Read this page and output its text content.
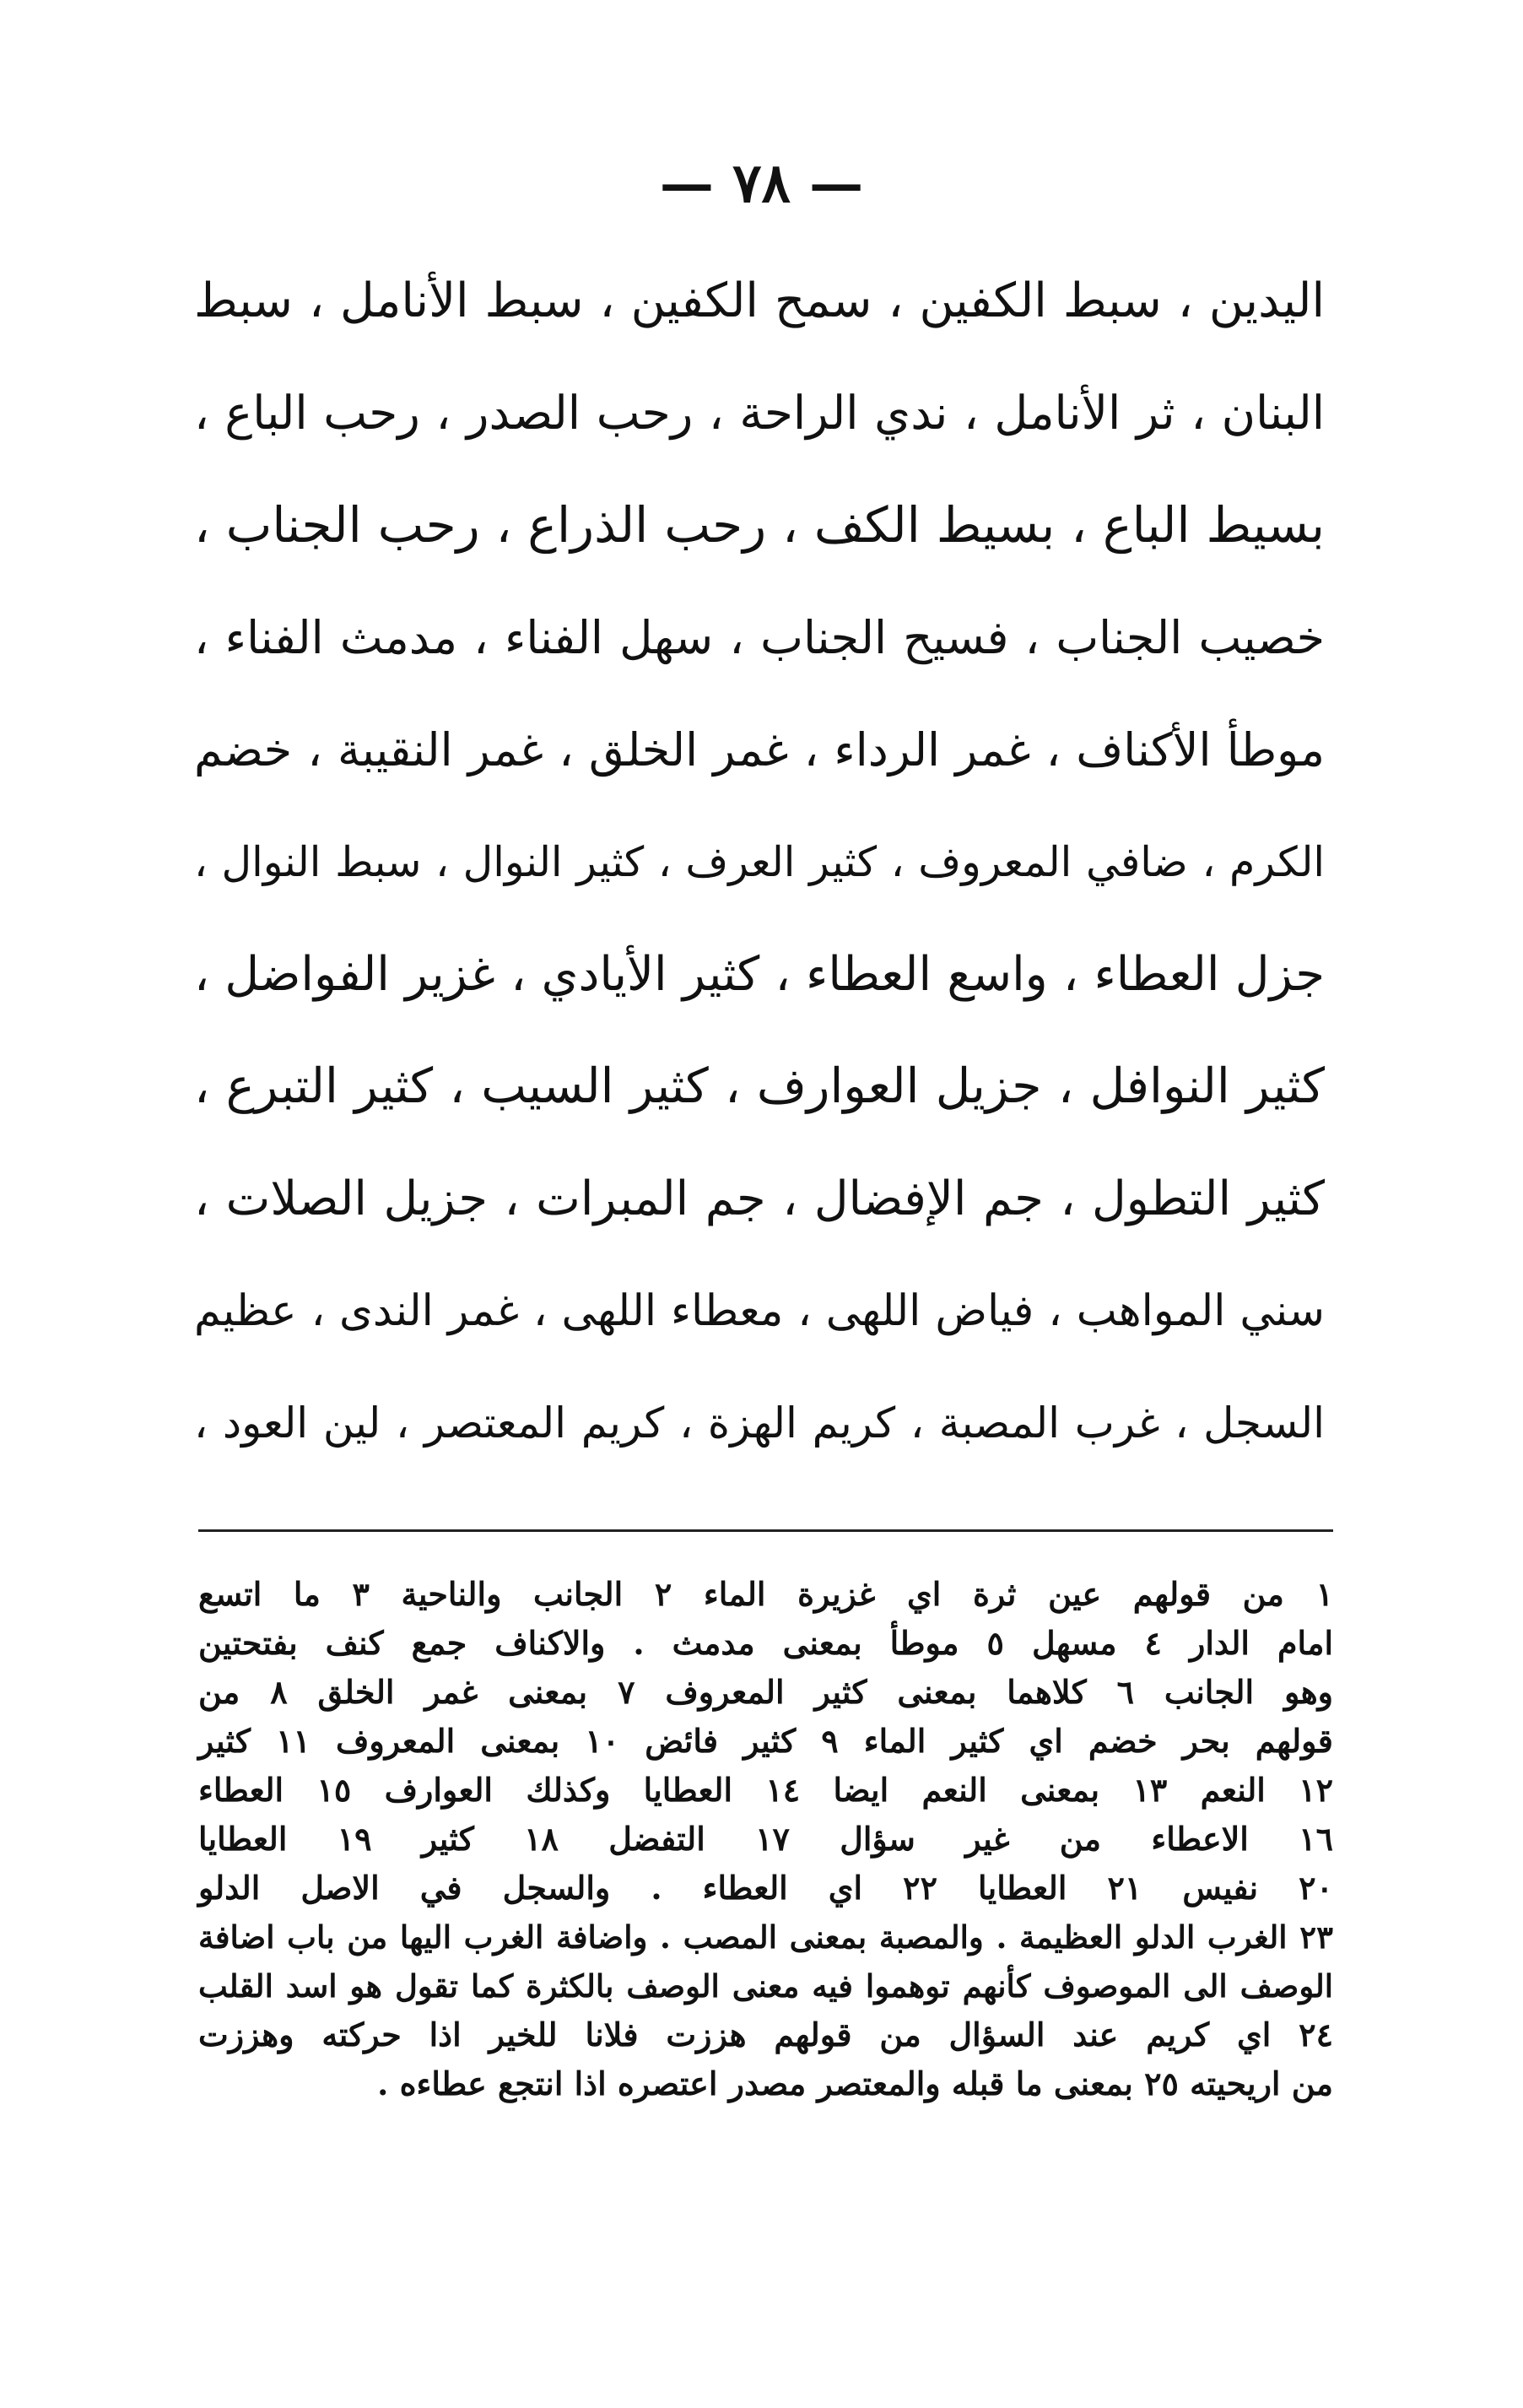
— ٧٨ —
اليدين ، سبط الكفين ، سمح الكفين ، سبط الأنامل ، سبط
البنان ، ثر الأنامل ، ندي الراحة ، رحب الصدر ، رحب الباع ،
بسيط الباع ، بسيط الكف ، رحب الذراع ، رحب الجناب ،
خصيب الجناب ، فسيح الجناب ، سهل الفناء ، مدمث الفناء ،
موطأ الأكناف ، غمر الرداء ، غمر الخلق ، غمر النقيبة ، خضم
الكرم ، ضافي المعروف ، كثير العرف ، كثير النوال ، سبط النوال ،
جزل العطاء ، واسع العطاء ، كثير الأيادي ، غزير الفواضل ،
كثير النوافل ، جزيل العوارف ، كثير السيب ، كثير التبرع ،
كثير التطول ، جم الإفضال ، جم المبرات ، جزيل الصلات ،
سني المواهب ، فياض اللهى ، معطاء اللهى ، غمر الندى ، عظيم
السجل ، غرب المصبة ، كريم الهزة ، كريم المعتصر ، لين العود ،
١ من قولهم عين ثرة اي غزيرة الماء ٢ الجانب والناحية ٣ ما اتسع
امام الدار ٤ مسهل ٥ موطأ بمعنى مدمث . والاكناف جمع كنف بفتحتين
وهو الجانب ٦ كلاهما بمعنى كثير المعروف ٧ بمعنى غمر الخلق ٨ من
قولهم بحر خضم اي كثير الماء ٩ كثير فائض ١٠ بمعنى المعروف ١١ كثير
١٢ النعم ١٣ بمعنى النعم ايضا ١٤ العطايا وكذلك العوارف ١٥ العطاء
١٦ الاعطاء من غير سؤال ١٧ التفضل ١٨ كثير ١٩ العطايا
٢٠ نفيس ٢١ العطايا ٢٢ اي العطاء . والسجل في الاصل الدلو
٢٣ الغرب الدلو العظيمة . والمصبة بمعنى المصب . واضافة الغرب اليها من باب اضافة
الوصف الى الموصوف كأنهم توهموا فيه معنى الوصف بالكثرة كما تقول هو اسد القلب
٢٤ اي كريم عند السؤال من قولهم هززت فلانا للخير اذا حركته وهززت
من اريحيته ٢٥ بمعنى ما قبله والمعتصر مصدر اعتصره اذا انتجع عطاءه .
